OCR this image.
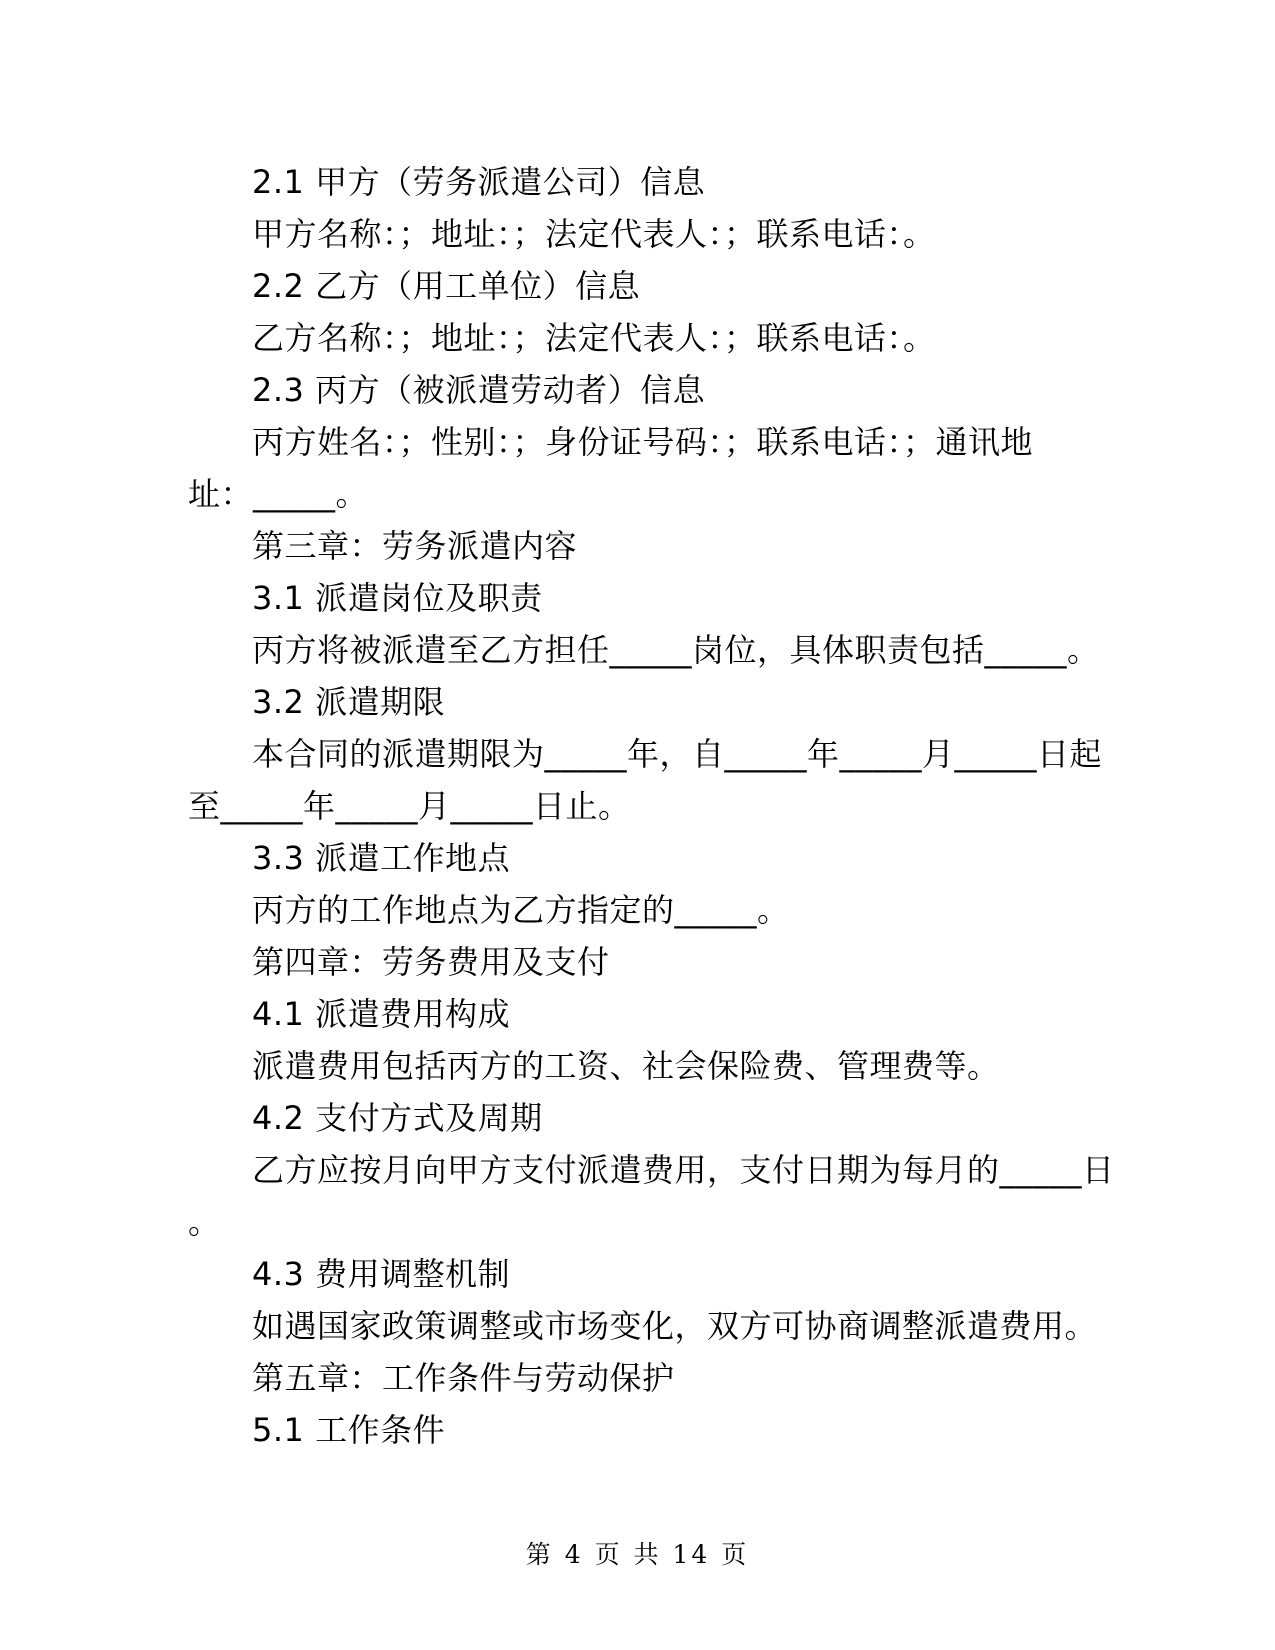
2.1 甲方（劳务派遣公司）信息
甲方名称：；地址：；法定代表人：；联系电话：。
2.2 乙方（用工单位）信息
乙方名称：；地址：；法定代表人：；联系电话：。
2.3 丙方（被派遣劳动者）信息
丙方姓名：；性别：；身份证号码：；联系电话：；通讯地
址：_____。
第三章：劳务派遣内容
3.1 派遣岗位及职责
丙方将被派遣至乙方担任_____岗位，具体职责包括_____。
3.2 派遣期限
本合同的派遣期限为_____年，自_____年_____月_____日起
至_____年_____月_____日止。
3.3 派遣工作地点
丙方的工作地点为乙方指定的_____。
第四章：劳务费用及支付
4.1 派遣费用构成
派遣费用包括丙方的工资、社会保险费、管理费等。
4.2 支付方式及周期
乙方应按月向甲方支付派遣费用，支付日期为每月的_____日
。
4.3 费用调整机制
如遇国家政策调整或市场变化，双方可协商调整派遣费用。
第五章：工作条件与劳动保护
5.1 工作条件
第 4 页 共 14 页
